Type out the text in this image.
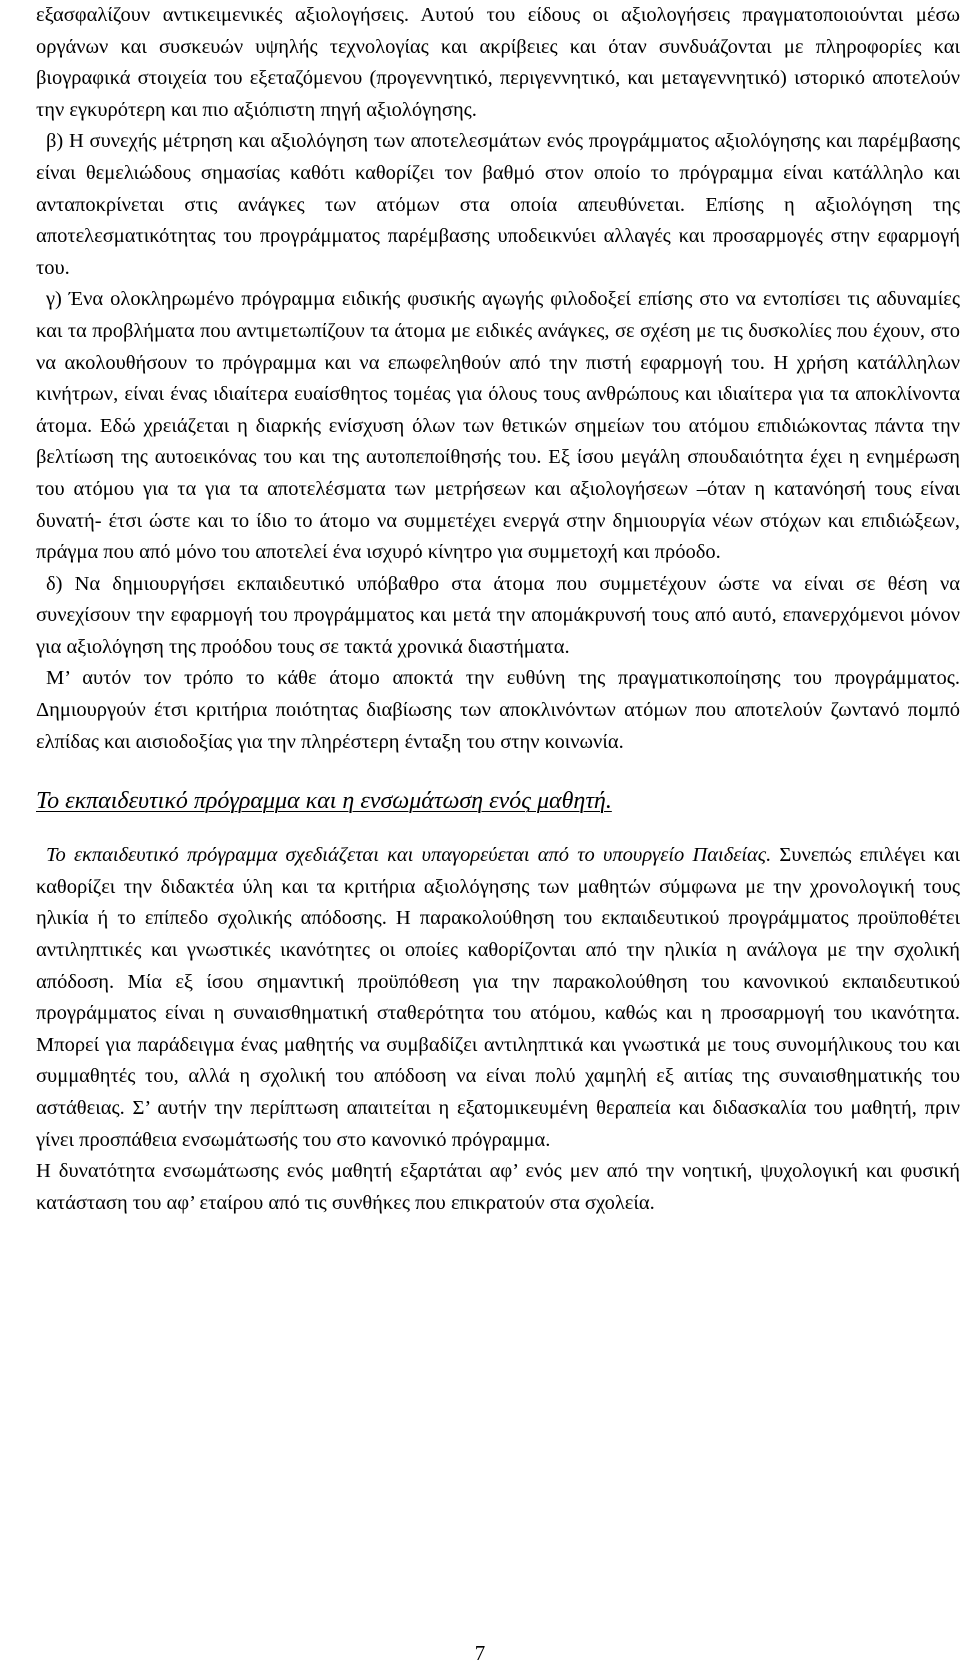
εξασφαλίζουν αντικειμενικές αξιολογήσεις. Αυτού του είδους οι αξιολογήσεις πραγματοποιούνται μέσω οργάνων και συσκευών υψηλής τεχνολογίας και ακρίβειες και όταν συνδυάζονται με πληροφορίες και βιογραφικά στοιχεία του εξεταζόμενου (προγεννητικό, περιγεννητικό, και μεταγεννητικό) ιστορικό αποτελούν την εγκυρότερη και πιο αξιόπιστη πηγή αξιολόγησης.

β) Η συνεχής μέτρηση και αξιολόγηση των αποτελεσμάτων ενός προγράμματος αξιολόγησης και παρέμβασης είναι θεμελιώδους σημασίας καθότι καθορίζει τον βαθμό στον οποίο το πρόγραμμα είναι κατάλληλο και ανταποκρίνεται στις ανάγκες των ατόμων στα οποία απευθύνεται. Επίσης η αξιολόγηση της αποτελεσματικότητας του προγράμματος παρέμβασης υποδεικνύει αλλαγές και προσαρμογές στην εφαρμογή του.

γ) Ένα ολοκληρωμένο πρόγραμμα ειδικής φυσικής αγωγής φιλοδοξεί επίσης στο να εντοπίσει τις αδυναμίες και τα προβλήματα που αντιμετωπίζουν τα άτομα με ειδικές ανάγκες, σε σχέση με τις δυσκολίες που έχουν, στο να ακολουθήσουν το πρόγραμμα και να επωφεληθούν από την πιστή εφαρμογή του. Η χρήση κατάλληλων κινήτρων, είναι ένας ιδιαίτερα ευαίσθητος τομέας για όλους τους ανθρώπους και ιδιαίτερα για τα αποκλίνοντα άτομα. Εδώ χρειάζεται η διαρκής ενίσχυση όλων των θετικών σημείων του ατόμου επιδιώκοντας πάντα την βελτίωση της αυτοεικόνας του και της αυτοπεποίθησής του. Εξ ίσου μεγάλη σπουδαιότητα έχει η ενημέρωση του ατόμου για τα για τα αποτελέσματα των μετρήσεων και αξιολογήσεων –όταν η κατανόησή τους είναι δυνατή- έτσι ώστε και το ίδιο το άτομο να συμμετέχει ενεργά στην δημιουργία νέων στόχων και επιδιώξεων, πράγμα που από μόνο του αποτελεί ένα ισχυρό κίνητρο για συμμετοχή και πρόοδο.

δ) Να δημιουργήσει εκπαιδευτικό υπόβαθρο στα άτομα που συμμετέχουν ώστε να είναι σε θέση να συνεχίσουν την εφαρμογή του προγράμματος και μετά την απομάκρυνσή τους από αυτό, επανερχόμενοι μόνον για αξιολόγηση της προόδου τους σε τακτά χρονικά διαστήματα.

Μ’ αυτόν τον τρόπο το κάθε άτομο αποκτά την ευθύνη της πραγματικοποίησης του προγράμματος. Δημιουργούν έτσι κριτήρια ποιότητας διαβίωσης των αποκλινόντων ατόμων που αποτελούν ζωντανό πομπό ελπίδας και αισιοδοξίας για την πληρέστερη ένταξη του στην κοινωνία.

Το εκπαιδευτικό πρόγραμμα και η ενσωμάτωση ενός μαθητή.

Το εκπαιδευτικό πρόγραμμα σχεδιάζεται και υπαγορεύεται από το υπουργείο Παιδείας. Συνεπώς επιλέγει και καθορίζει την διδακτέα ύλη και τα κριτήρια αξιολόγησης των μαθητών σύμφωνα με την χρονολογική τους ηλικία ή το επίπεδο σχολικής απόδοσης. Η παρακολούθηση του εκπαιδευτικού προγράμματος προϋποθέτει αντιληπτικές και γνωστικές ικανότητες οι οποίες καθορίζονται από την ηλικία η ανάλογα με την σχολική απόδοση. Μία εξ ίσου σημαντική προϋπόθεση για την παρακολούθηση του κανονικού εκπαιδευτικού προγράμματος είναι η συναισθηματική σταθερότητα του ατόμου, καθώς και η προσαρμογή του ικανότητα. Μπορεί για παράδειγμα ένας μαθητής να συμβαδίζει αντιληπτικά και γνωστικά με τους συνομήλικους του και συμμαθητές του, αλλά η σχολική του απόδοση να είναι πολύ χαμηλή εξ αιτίας της συναισθηματικής του αστάθειας. Σ’ αυτήν την περίπτωση απαιτείται η εξατομικευμένη θεραπεία και διδασκαλία του μαθητή, πριν γίνει προσπάθεια ενσωμάτωσής του στο κανονικό πρόγραμμα.

Η δυνατότητα ενσωμάτωσης ενός μαθητή εξαρτάται αφ’ ενός μεν από την νοητική, ψυχολογική και φυσική κατάσταση του αφ’ εταίρου από τις συνθήκες που επικρατούν στα σχολεία.

7
